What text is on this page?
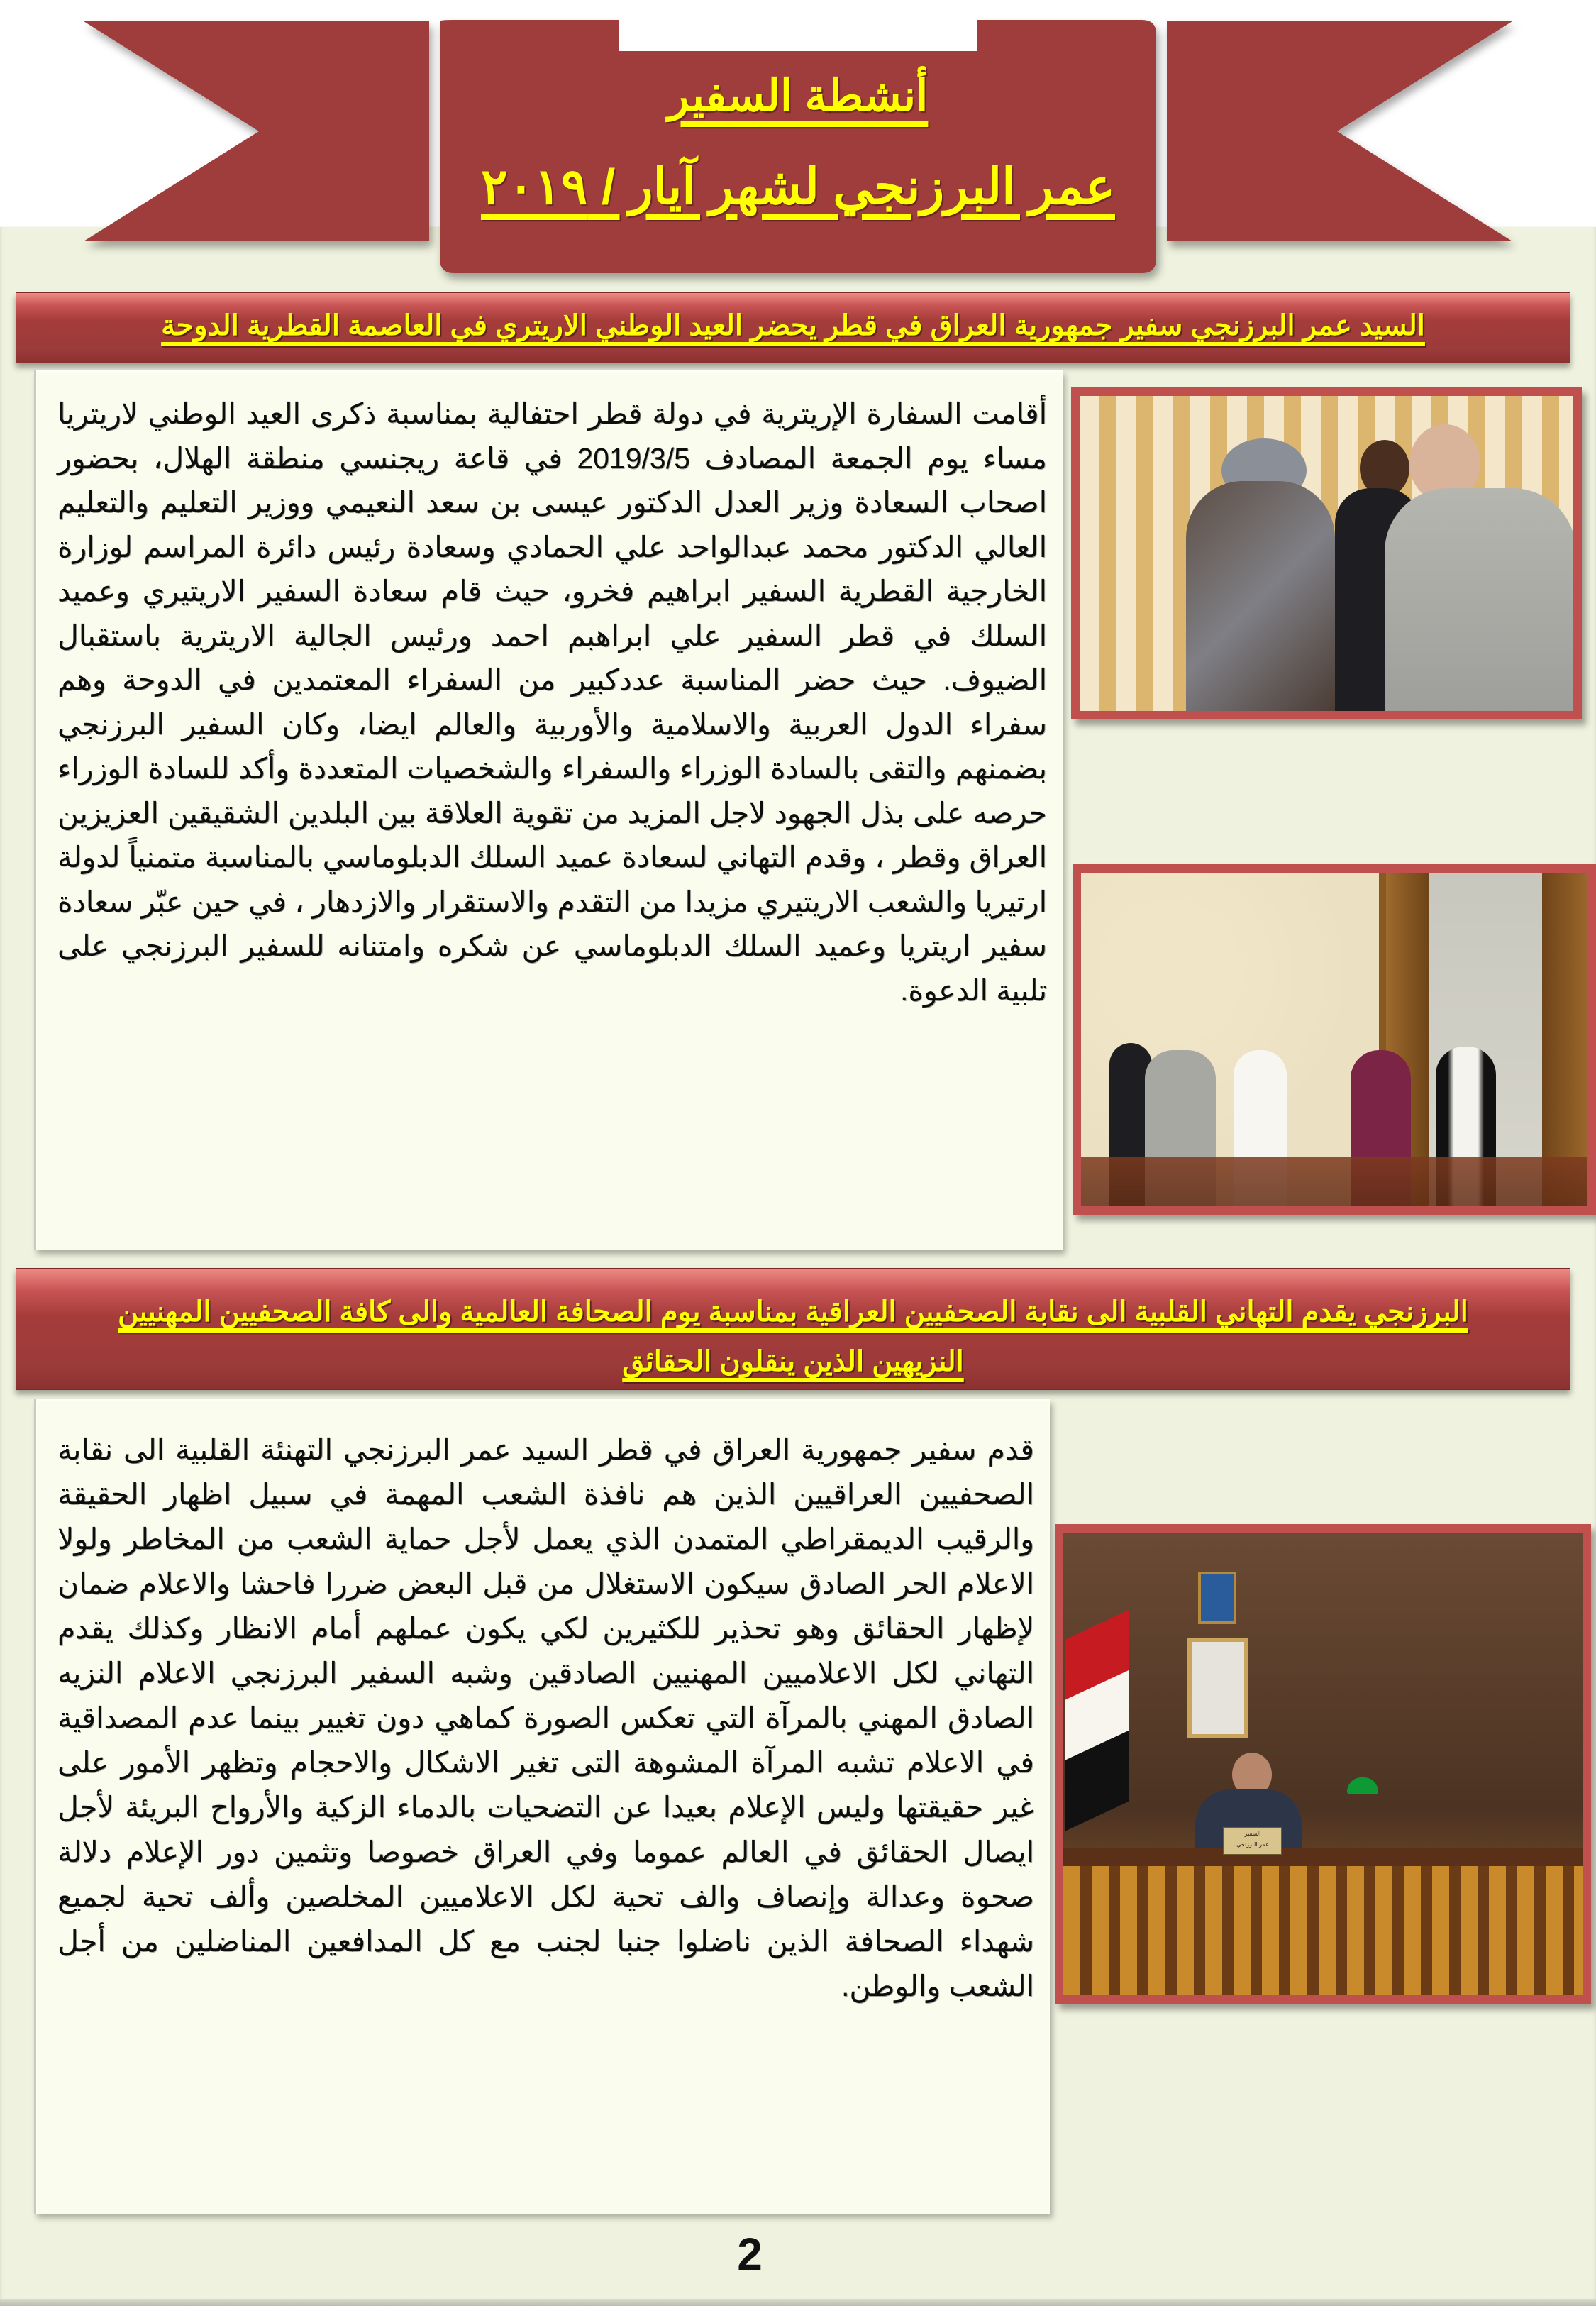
أنشطة السفير
عمر البرزنجي لشهر آيار / ٢٠١٩
السيد عمر البرزنجي سفير جمهورية العراق في قطر يحضر العيد الوطني الاريتري في العاصمة القطرية الدوحة

أقامت السفارة الإريترية في دولة قطر احتفالية بمناسبة ذكرى العيد الوطني لاريتريا مساء يوم الجمعة المصادف 2019/3/5 في قاعة ريجنسي منطقة الهلال، بحضور اصحاب السعادة وزير العدل الدكتور عيسى بن سعد النعيمي ووزير التعليم والتعليم العالي الدكتور محمد عبدالواحد علي الحمادي وسعادة رئيس دائرة المراسم لوزارة الخارجية القطرية السفير ابراهيم فخرو، حيث قام سعادة السفير الاريتيري وعميد السلك في قطر السفير علي ابراهبم احمد ورئيس الجالية الاريترية باستقبال الضيوف. حيث حضر المناسبة عددكبير من السفراء المعتمدين في الدوحة وهم سفراء الدول العربية والاسلامية والأوربية والعالم ايضا، وكان السفير البرزنجي بضمنهم والتقى بالسادة الوزراء والسفراء والشخصيات المتعددة وأكد للسادة الوزراء حرصه على بذل الجهود لاجل المزيد من تقوية العلاقة بين البلدين الشقيقين العزيزين العراق وقطر ، وقدم التهاني لسعادة عميد السلك الدبلوماسي بالمناسبة متمنياً لدولة ارتيريا والشعب الاريتيري مزيدا من التقدم والاستقرار والازدهار ، في حين عبّر سعادة سفير اريتريا وعميد السلك الدبلوماسي عن شكره وامتنانه للسفير البرزنجي على تلبية الدعوة.

البرزنجي يقدم التهاني القلبية الى نقابة الصحفيين العراقية بمناسبة يوم الصحافة العالمية والى كافة الصحفيين المهنيين النزيهين الذين ينقلون الحقائق

قدم سفير جمهورية العراق في قطر السيد عمر البرزنجي التهنئة القلبية الى نقابة الصحفيين العراقيين الذين هم نافذة الشعب المهمة في سبيل اظهار الحقيقة والرقيب الديمقراطي المتمدن الذي يعمل لأجل حماية الشعب من المخاطر ولولا الاعلام الحر الصادق سيكون الاستغلال من قبل البعض ضررا فاحشا والاعلام ضمان لإظهار الحقائق وهو تحذير للكثيرين لكي يكون عملهم أمام الانظار وكذلك يقدم التهاني لكل الاعلاميين المهنيين الصادقين وشبه السفير البرزنجي الاعلام النزيه الصادق المهني بالمرآة التي تعكس الصورة كماهي دون تغيير بينما عدم المصداقية في الاعلام تشبه المرآة المشوهة التى تغير الاشكال والاحجام وتظهر الأمور على غير حقيقتها وليس الإعلام بعيدا عن التضحيات بالدماء الزكية والأرواح البريئة لأجل ايصال الحقائق في العالم عموما وفي العراق خصوصا وتثمين دور الإعلام دلالة صحوة وعدالة وإنصاف والف تحية لكل الاعلاميين المخلصين وألف تحية لجميع شهداء الصحافة الذين ناضلوا جنبا لجنب مع كل المدافعين المناضلين من أجل الشعب والوطن.

السفير
عمر البرزنجي
2
